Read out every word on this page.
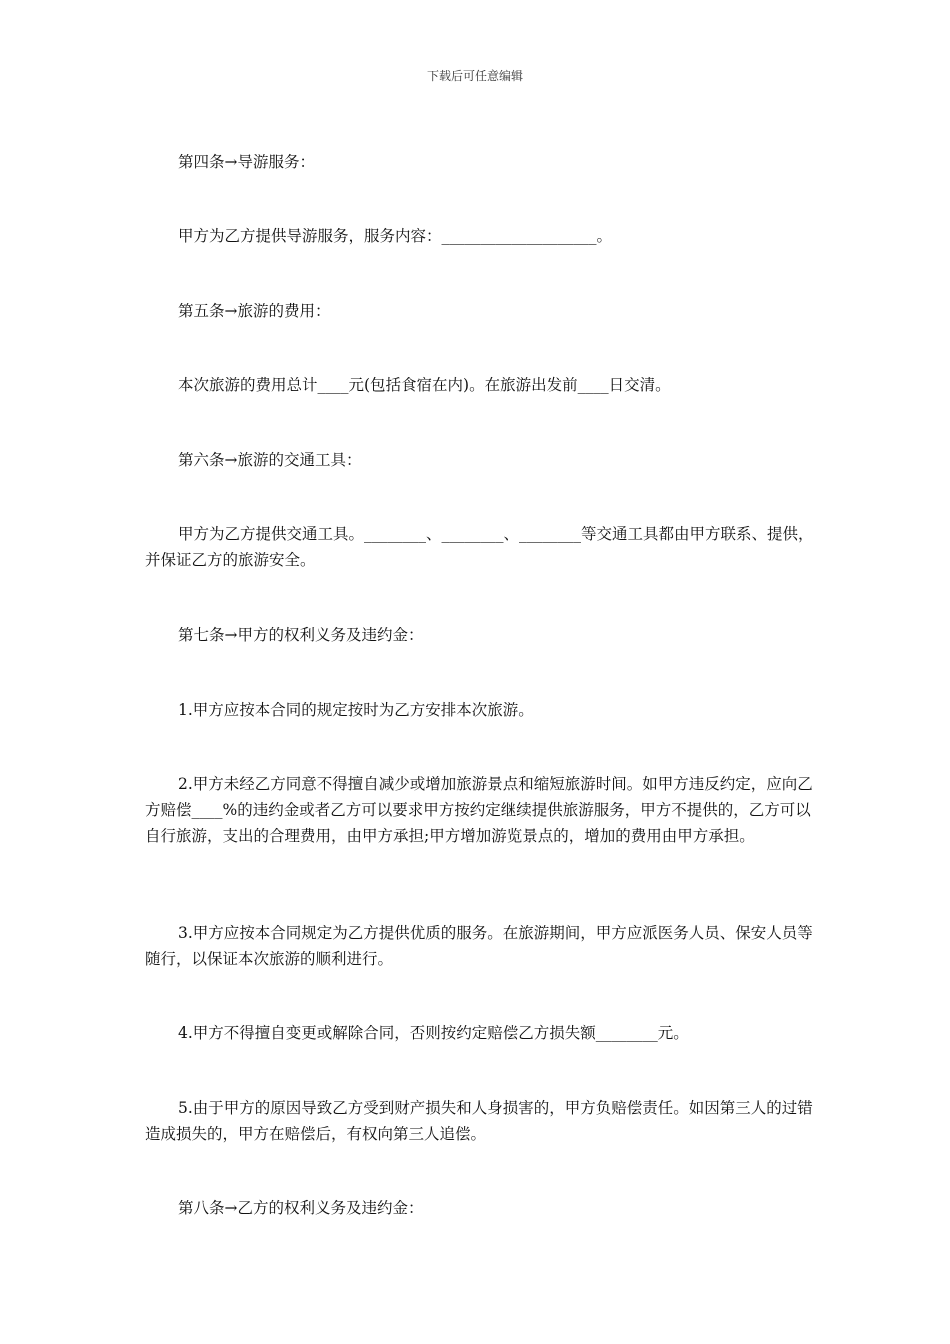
下载后可任意编辑
第四条→导游服务：
甲方为乙方提供导游服务，服务内容：____________________。
第五条→旅游的费用：
本次旅游的费用总计____元(包括食宿在内)。在旅游出发前____日交清。
第六条→旅游的交通工具：
甲方为乙方提供交通工具。________、________、________等交通工具都由甲方联系、提供，并保证乙方的旅游安全。
第七条→甲方的权利义务及违约金：
1.甲方应按本合同的规定按时为乙方安排本次旅游。
2.甲方未经乙方同意不得擅自减少或增加旅游景点和缩短旅游时间。如甲方违反约定，应向乙方赔偿____%的违约金或者乙方可以要求甲方按约定继续提供旅游服务，甲方不提供的，乙方可以自行旅游，支出的合理费用，由甲方承担;甲方增加游览景点的，增加的费用由甲方承担。
3.甲方应按本合同规定为乙方提供优质的服务。在旅游期间，甲方应派医务人员、保安人员等随行，以保证本次旅游的顺利进行。
4.甲方不得擅自变更或解除合同，否则按约定赔偿乙方损失额________元。
5.由于甲方的原因导致乙方受到财产损失和人身损害的，甲方负赔偿责任。如因第三人的过错造成损失的，甲方在赔偿后，有权向第三人追偿。
第八条→乙方的权利义务及违约金：
